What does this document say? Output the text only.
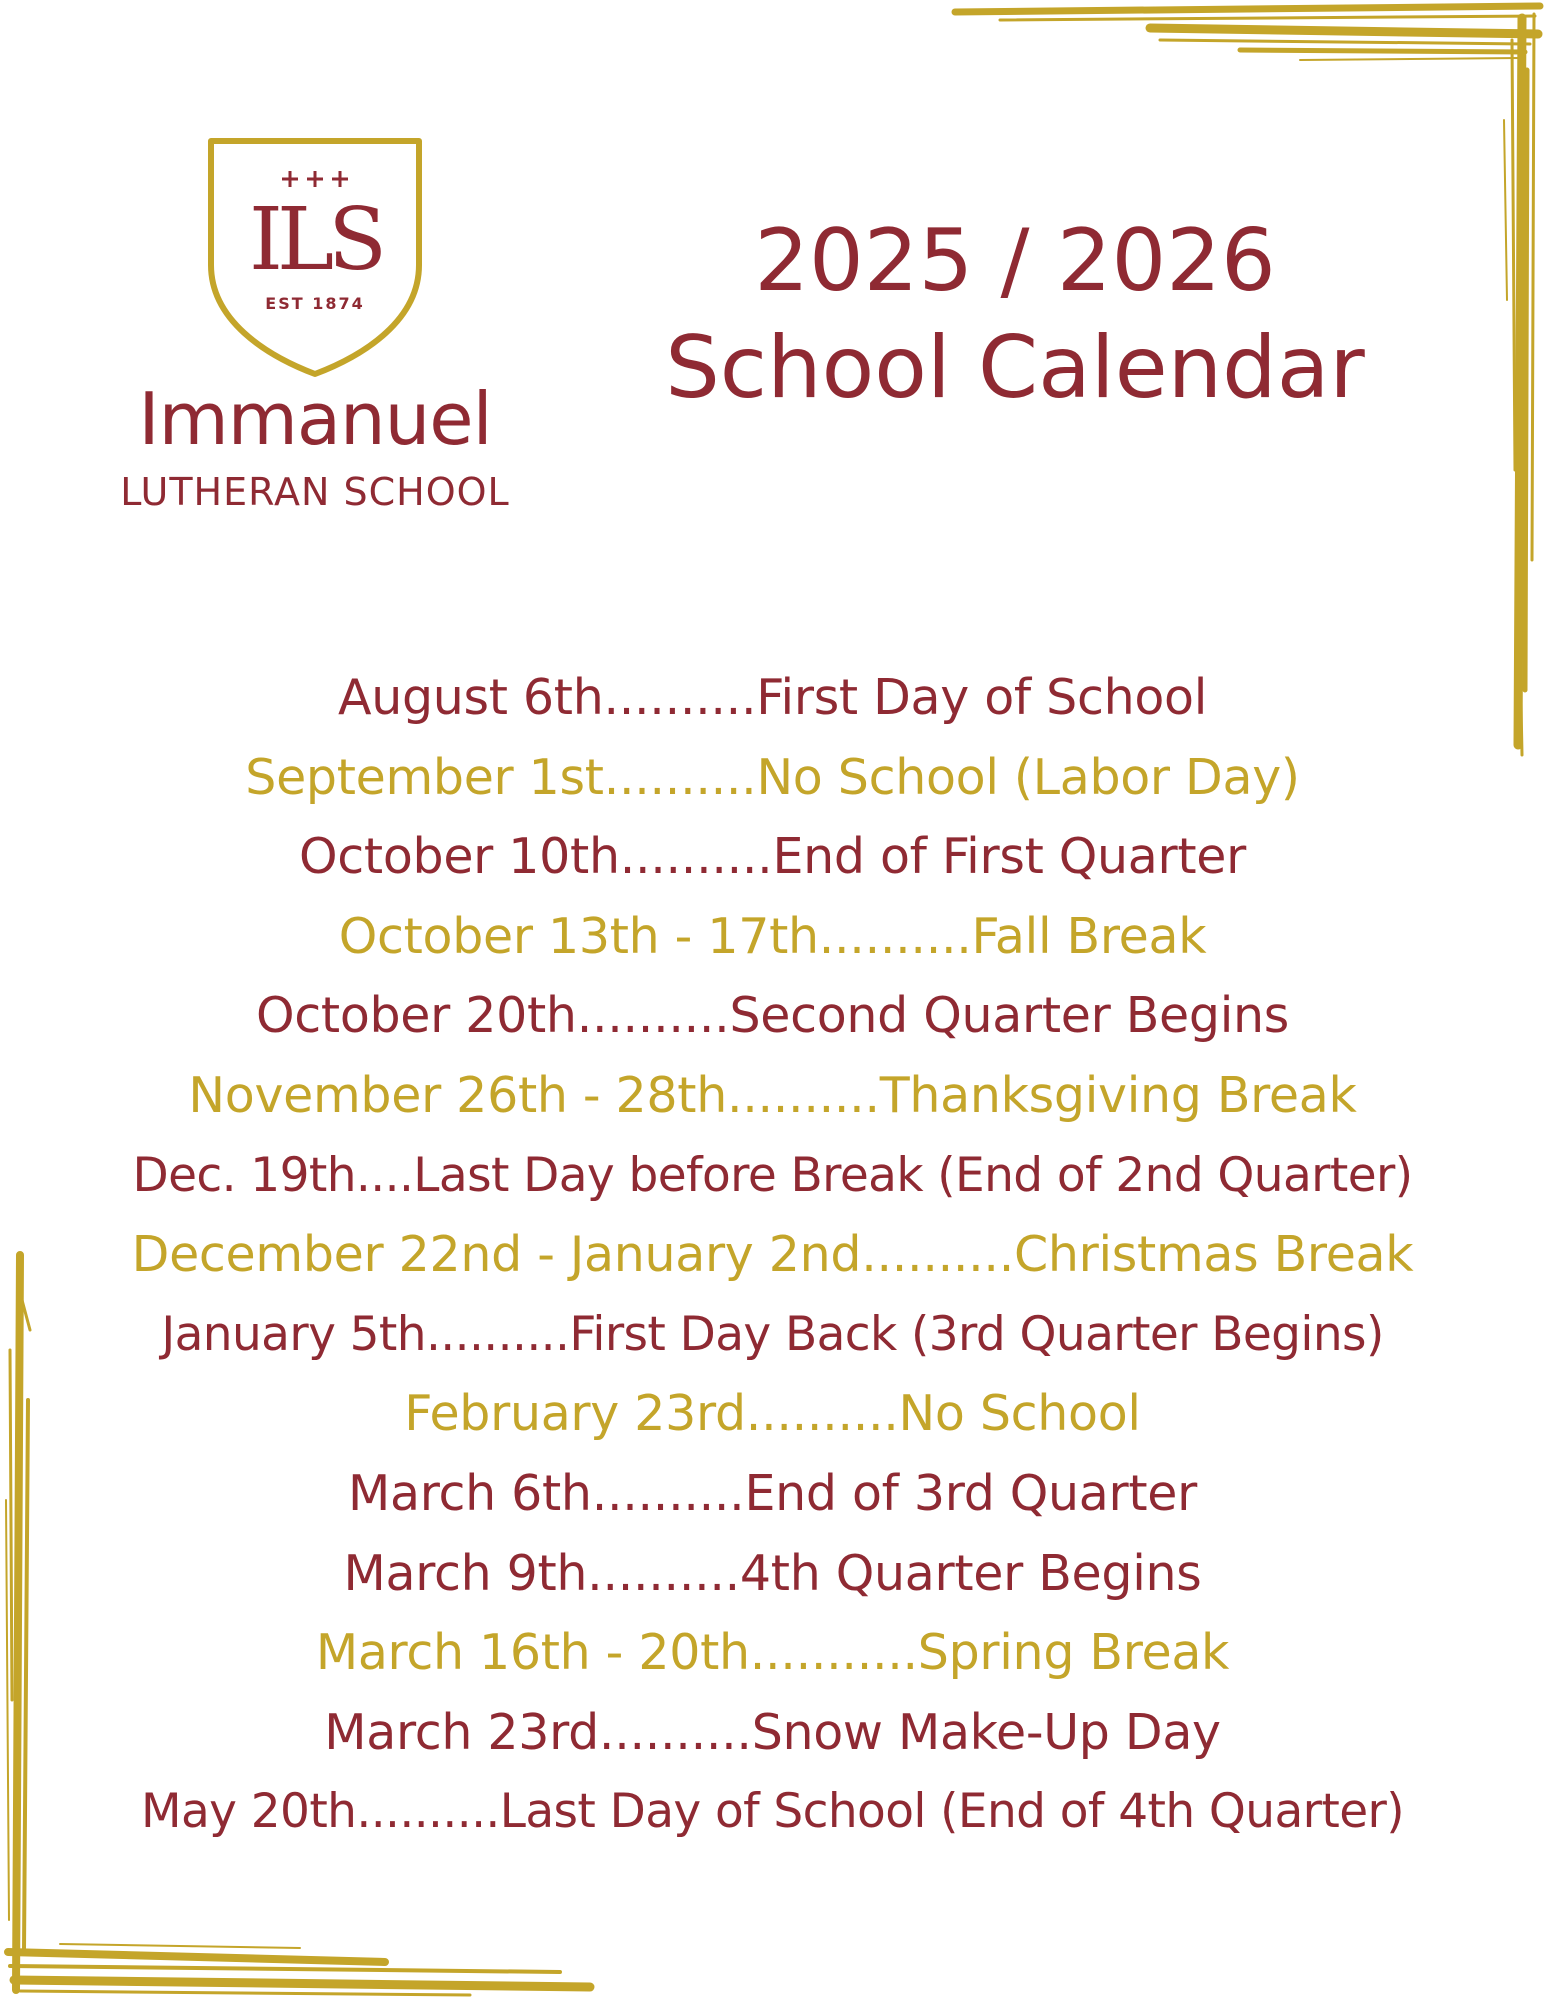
ILS
EST 1874
Immanuel
LUTHERAN SCHOOL
2025 / 2026
School Calendar
August 6th..........First Day of School
September 1st..........No School (Labor Day)
October 10th..........End of First Quarter
October 13th - 17th..........Fall Break
October 20th..........Second Quarter Begins
November 26th - 28th..........Thanksgiving Break
Dec. 19th....Last Day before Break (End of 2nd Quarter)
December 22nd - January 2nd..........Christmas Break
January 5th..........First Day Back (3rd Quarter Begins)
February 23rd..........No School
March 6th..........End of 3rd Quarter
March 9th..........4th Quarter Begins
March 16th - 20th...........Spring Break
March 23rd..........Snow Make-Up Day
May 20th..........Last Day of School (End of 4th Quarter)
